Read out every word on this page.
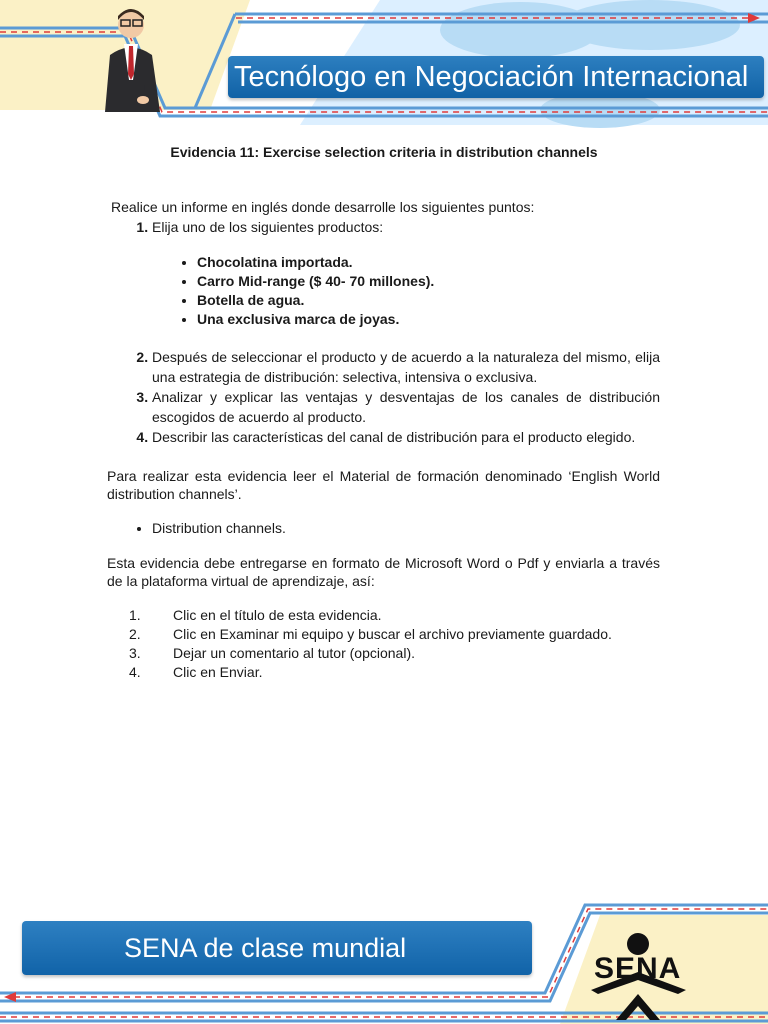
Tecnólogo en Negociación Internacional
Evidencia 11: Exercise selection criteria in distribution channels

Realice un informe en inglés donde desarrolle los siguientes puntos:

1. Elija uno de los siguientes productos:
• Chocolatina importada.
• Carro Mid-range ($ 40- 70 millones).
• Botella de agua.
• Una exclusiva marca de joyas.
2. Después de seleccionar el producto y de acuerdo a la naturaleza del mismo, elija una estrategia de distribución: selectiva, intensiva o exclusiva.
3. Analizar y explicar las ventajas y desventajas de los canales de distribución escogidos de acuerdo al producto.
4. Describir las características del canal de distribución para el producto elegido.

Para realizar esta evidencia leer el Material de formación denominado ‘English World distribution channels’.

• Distribution channels.

Esta evidencia debe entregarse en formato de Microsoft Word o Pdf y enviarla a través de la plataforma virtual de aprendizaje, así:

1.	Clic en el título de esta evidencia.
2.	Clic en Examinar mi equipo y buscar el archivo previamente guardado.
3.	Dejar un comentario al tutor (opcional).
4.	Clic en Enviar.
SENA de clase mundial
SENA
